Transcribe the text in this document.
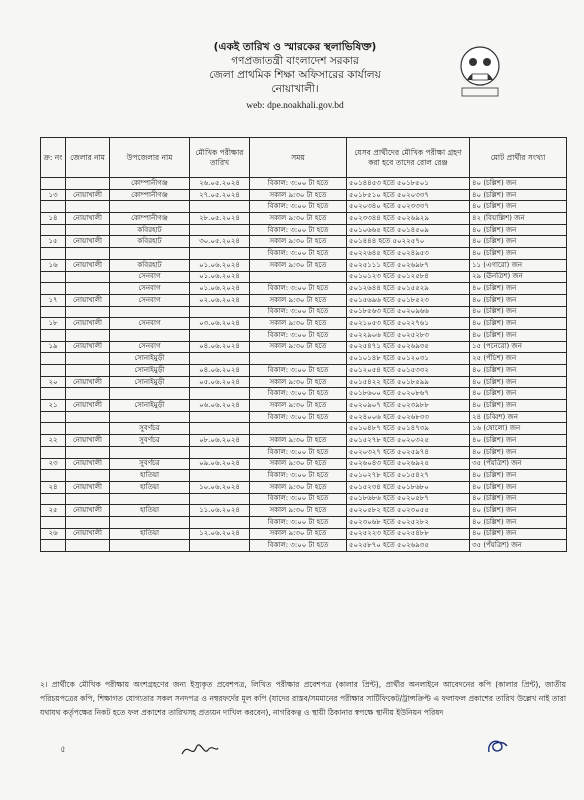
(একই তারিখ ও স্মারকের স্থলাভিষিক্ত)
গণপ্রজাতন্ত্রী বাংলাদেশ সরকার
জেলা প্রাথমিক শিক্ষা অফিসারের কার্যালয়
নোয়াখালী।
web: dpe.noakhali.gov.bd
ক্র: নং	জেলার নাম	উপজেলার নাম	মৌখিক পরীক্ষার তারিখ	সময়	যেসব প্রার্থীদের মৌখিক পরীক্ষা গ্রহণ করা হবে তাদের রোল রেঞ্জ	মোট প্রার্থীর সংখ্যা
		কোম্পানীগঞ্জ	২৬.০৫.২০২৪	বিকাল: ৩:০০ টা হতে	৫০১৪৪৫৩ হতে ৫০১৮৫০১	৪০ (চল্লিশ) জন
১৩	নোয়াখালী	কোম্পানীগঞ্জ	২৭.০৫.২০২৪	সকাল ৯:৩০ টা হতে	৫০১৮৫১০ হতে ৫০২০৩৩৭	৪০ (চল্লিশ) জন
				বিকাল: ৩:০০ টা হতে	৫০২০৩৪০ হতে ৫০২৩৩৩৭	৪০ (চল্লিশ) জন
১৪	নোয়াখালী	কোম্পানীগঞ্জ	২৮.০৫.২০২৪	সকাল ৯:৩০ টা হতে	৫০২৩৩৪৪ হতে ৫০২৬৯২৯	৪২ (বিয়াল্লিশ) জন
		কবিরহাট		বিকাল: ৩:০০ টা হতে	৫০১০৬৬৫ হতে ৫০১৪৫০৯	৪০ (চল্লিশ) জন
১৫	নোয়াখালী	কবিরহাট	৩০.০৫.২০২৪	সকাল ৯:৩০ টা হতে	৫০১৪৪৪ হতে ৫০২২৫৭০	৪০ (চল্লিশ) জন
				বিকাল: ৩:০০ টা হতে	৫০২২৬৪৫ হতে ৫০২৪৯৫৩	৪০ (চল্লিশ) জন
১৬	নোয়াখালী	কবিরহাট	০১.০৬.২০২৪	সকাল ৯:৩০ টা হতে	৫০২৫১১১ হতে ৫০২৬৯৮৭	১১ (এগারো) জন
		সেনবাগ	০১.০৬.২০২৪		৫০১০১২৩ হতে ৫০১২৫৮৪	২৯ (ঊনত্রিশ) জন
		সেনবাগ	০১.০৬.২০২৪	বিকাল: ৩:০০ টা হতে	৫০১২৬৪৪ হতে ৫০১৫৫২৯	৪০ (চল্লিশ) জন
১৭	নোয়াখালী	সেনবাগ	০২.০৬.২০২৪	সকাল ৯:৩০ টা হতে	৫০১৫৬৯৬ হতে ৫০১৮৫২৩	৪০ (চল্লিশ) জন
				বিকাল: ৩:০০ টা হতে	৫০১৮৫৬৩ হতে ৫০২০৯৬৬	৪০ (চল্লিশ) জন
১৮	নোয়াখালী	সেনবাগ	০৩.০৬.২০২৪	সকাল ৯:৩০ টা হতে	৫০২১০৫৩ হতে ৫০২২৭৬১	৪০ (চল্লিশ) জন
				বিকাল: ৩:০০ টা হতে	৫০২২৯০৬ হতে ৫০২৫২৮৩	৪০ (চল্লিশ) জন
১৯	নোয়াখালী	সেনবাগ	০৪.০৬.২০২৪	সকাল ৯:৩০ টা হতে	৫০২৫৪৭১ হতে ৫০২৬৯৩৫	১৫ (পনেরো) জন
		সোনাইমুড়ী			৫০১০১৪৮ হতে ৫০১২০৩১	২৫ (পঁচিশ) জন
		সোনাইমুড়ী	০৪.০৬.২০২৪	বিকাল: ৩:০০ টা হতে	৫০১২০৫৪ হতে ৫০১৫৩৩২	৪০ (চল্লিশ) জন
২০	নোয়াখালী	সোনাইমুড়ী	০৫.০৬.২০২৪	সকাল ৯:৩০ টা হতে	৫০১৫৪২২ হতে ৫০১৮৫৯৯	৪০ (চল্লিশ) জন
				বিকাল: ৩:০০ টা হতে	৫০১৮৬০০ হতে ৫০২০৮৬৭	৪০ (চল্লিশ) জন
২১	নোয়াখালী	সোনাইমুড়ী	০৬.০৬.২০২৪	সকাল ৯:৩০ টা হতে	৫০২০৯০৭ হতে ৫০২৩৯৮৮	৪০ (চল্লিশ) জন
				বিকাল: ৩:০০ টা হতে	৫০২৪০০৬ হতে ৫০২৬৮৩৩	২৪ (চব্বিশ) জন
		সুবর্ণচর			৫০১০৪৮৭ হতে ৫০১৪৭৩৯	১৬ (ষোলো) জন
২২	নোয়াখালী	সুবর্ণচর	০৮.০৬.২০২৪	সকাল ৯:৩০ টা হতে	৫০১৫২৭৮ হতে ৫০২০৩২৫	৪০ (চল্লিশ) জন
				বিকাল: ৩:০০ টা হতে	৫০২০৩২৭ হতে ৫০২৫৯৭৪	৪০ (চল্লিশ) জন
২৩	নোয়াখালী	সুবর্ণচর	০৯.০৬.২০২৪	সকাল ৯:৩০ টা হতে	৫০২৬০৪৩ হতে ৫০২৬৯২৫	৩৫ (পঁয়ত্রিশ) জন
		হাতিয়া		বিকাল: ৩:০০ টা হতে	৫০১০২৭৮ হতে ৫০১৫৪২৭	৪০ (চল্লিশ) জন
২৪	নোয়াখালী	হাতিয়া	১০.০৬.২০২৪	সকাল ৯:৩০ টা হতে	৫০১৫২৩৪ হতে ৫০১৮৬৮০	৪০ (চল্লিশ) জন
				বিকাল: ৩:০০ টা হতে	৫০১৮৬৮৬ হতে ৫০২০৫৮৭	৪০ (চল্লিশ) জন
২৫	নোয়াখালী	হাতিয়া	১১.০৬.২০২৪	সকাল ৯:৩০ টা হতে	৫০২০৫৮২ হতে ৫০২৩০৫৫	৪০ (চল্লিশ) জন
				বিকাল: ৩:০০ টা হতে	৫০২৩০৬৮ হতে ৫০২৫২৮২	৪০ (চল্লিশ) জন
২৬	নোয়াখালী	হাতিয়া	১২.০৬.২০২৪	সকাল ৯:৩০ টা হতে	৫০২৫২২৩ হতে ৫০২৫৪৮৮	৪০ (চল্লিশ) জন
				বিকাল: ৩:০০ টা হতে	৫০২৫৮৭০ হতে ৫০২৬৯৩৫	৩৫ (পঁয়ত্রিশ) জন
২। প্রার্থীকে মৌখিক পরীক্ষায় অংশগ্রহণের জন্য ইস্যুকৃত প্রবেশপত্র, লিখিত পরীক্ষার প্রবেশপত্র (কালার প্রিন্ট), প্রার্থীর অনলাইনে আবেদনের কপি (কালার প্রিন্ট), জাতীয় পরিচয়পত্রের কপি, শিক্ষাগত যোগ্যতার সকল সনদপত্র ও নম্বরফর্দের মূল কপি (যাদের রাস্তব/সমমানের পরীক্ষার সার্টিফিকেট/ট্রান্সক্রিপ্ট এ ফলাফল প্রকাশের তারিখ উল্লেখ নাই তারা যথাযথ কর্তৃপক্ষের নিকট হতে ফল প্রকাশের তারিখসহ প্রত্যয়ন দাখিল করবেন), নাগরিকত্ব ও স্থায়ী ঠিকানার স্বপক্ষে স্থানীয় ইউনিয়ন পরিষদ
৫
